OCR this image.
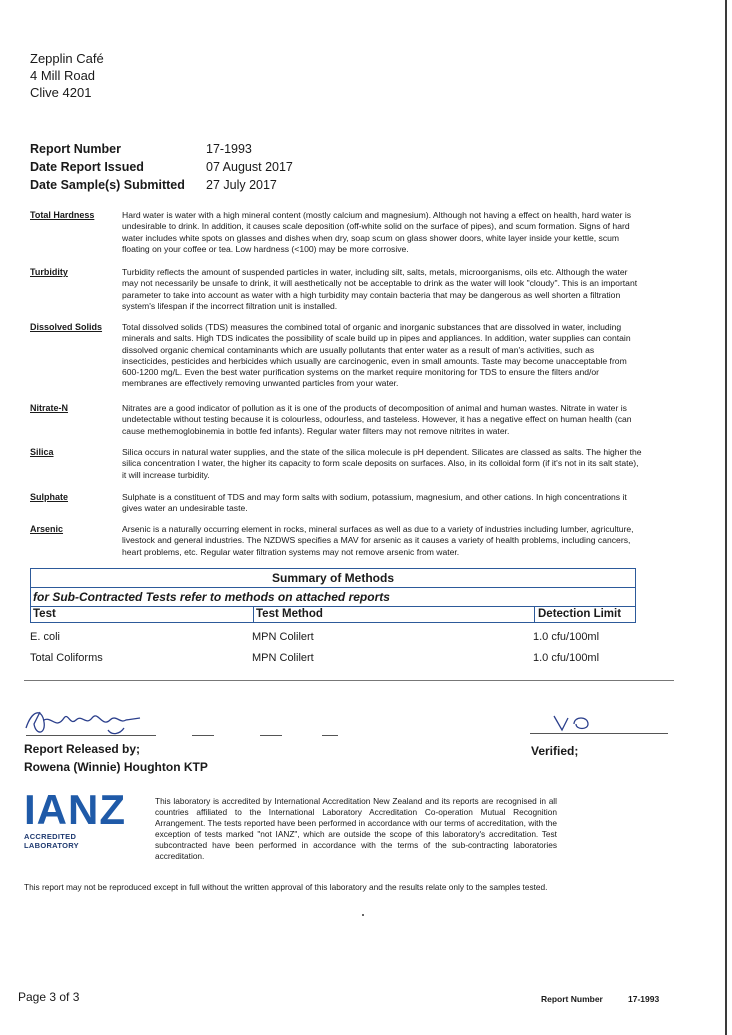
Zepplin Café
4 Mill Road
Clive 4201
Report Number	17-1993
Date Report Issued	07 August 2017
Date Sample(s) Submitted	27 July 2017
Total Hardness	Hard water is water with a high mineral content (mostly calcium and magnesium). Although not having a effect on health, hard water is undesirable to drink. In addition, it causes scale deposition (off-white solid on the surface of pipes), and scum formation. Signs of hard water includes white spots on glasses and dishes when dry, soap scum on glass shower doors, white layer inside your kettle, scum floating on your coffee or tea. Low hardness (<100) may be more corrosive.
Turbidity	Turbidity reflects the amount of suspended particles in water, including silt, salts, metals, microorganisms, oils etc. Although the water may not necessarily be unsafe to drink, it will aesthetically not be acceptable to drink as the water will look "cloudy". This is an important parameter to take into account as water with a high turbidity may contain bacteria that may be dangerous as well shorten a filtration system's lifespan if the incorrect filtration unit is installed.
Dissolved Solids	Total dissolved solids (TDS) measures the combined total of organic and inorganic substances that are dissolved in water, including minerals and salts. High TDS indicates the possibility of scale build up in pipes and appliances. In addition, water supplies can contain dissolved organic chemical contaminants which are usually pollutants that enter water as a result of man's activities, such as insecticides, pesticides and herbicides which usually are carcinogenic, even in small amounts. Taste may become unacceptable from 600-1200 mg/L. Even the best water purification systems on the market require monitoring for TDS to ensure the filters and/or membranes are effectively removing unwanted particles from your water.
Nitrate-N	Nitrates are a good indicator of pollution as it is one of the products of decomposition of animal and human wastes. Nitrate in water is undetectable without testing because it is colourless, odourless, and tasteless. However, it has a negative effect on human health (can cause methemoglobinemia in bottle fed infants). Regular water filters may not remove nitrites in water.
Silica	Silica occurs in natural water supplies, and the state of the silica molecule is pH dependent. Silicates are classed as salts. The higher the silica concentration I water, the higher its capacity to form scale deposits on surfaces. Also, in its colloidal form (if it's not in its salt state), it will increase turbidity.
Sulphate	Sulphate is a constituent of TDS and may form salts with sodium, potassium, magnesium, and other cations. In high concentrations it gives water an undesirable taste.
Arsenic	Arsenic is a naturally occurring element in rocks, mineral surfaces as well as due to a variety of industries including lumber, agriculture, livestock and general industries. The NZDWS specifies a MAV for arsenic as it causes a variety of health problems, including cancers, heart problems, etc. Regular water filtration systems may not remove arsenic from water.
Summary of Methods
for Sub-Contracted Tests refer to methods on attached reports
Test	Test Method	Detection Limit
E. coli	MPN Colilert	1.0 cfu/100ml
Total Coliforms	MPN Colilert	1.0 cfu/100ml
Report Released by;
Rowena (Winnie) Houghton KTP
Verified;
IANZ
ACCREDITED LABORATORY
This laboratory is accredited by International Accreditation New Zealand and its reports are recognised in all countries affiliated to the International Laboratory Accreditation Co-operation Mutual Recognition Arrangement. The tests reported have been performed in accordance with our terms of accreditation, with the exception of tests marked "not IANZ", which are outside the scope of this laboratory's accreditation. Test subcontracted have been performed in accordance with the terms of the sub-contracting laboratories accreditation.
This report may not be reproduced except in full without the written approval of this laboratory and the results relate only to the samples tested.
Page 3 of 3	Report Number	17-1993
